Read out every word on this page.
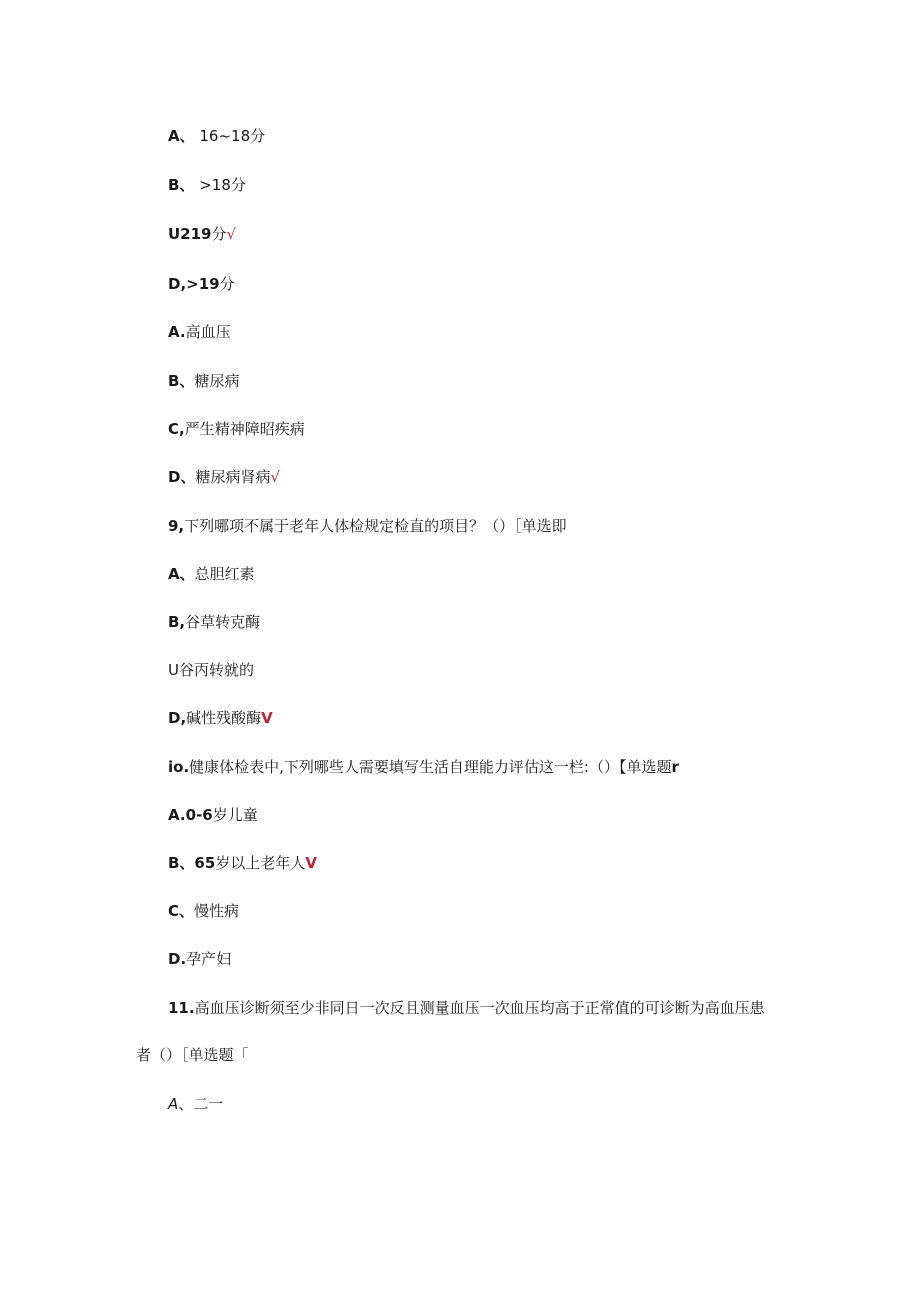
A、 16~18分
B、 >18分
U219分√
D,>19分
A.高血压
B、糖尿病
C,严生精神障昭疾病
D、糖尿病肾病√
9,下列哪项不属于老年人体检规定检直的项目？（）［单选即
A、总胆红素
B,谷草转克酶
U谷丙转就的
D,碱性残酸酶V
io.健康体检表中,下列哪些人需要填写生活自理能力评估这一栏:（）【单选题r
A.0-6岁儿童
B、65岁以上老年人V
C、慢性病
D.孕产妇
11.高血压诊断须至少非同日一次反且测量血压一次血压均高于正常值的可诊断为高血压患
者（）［单选题「
A、二一
